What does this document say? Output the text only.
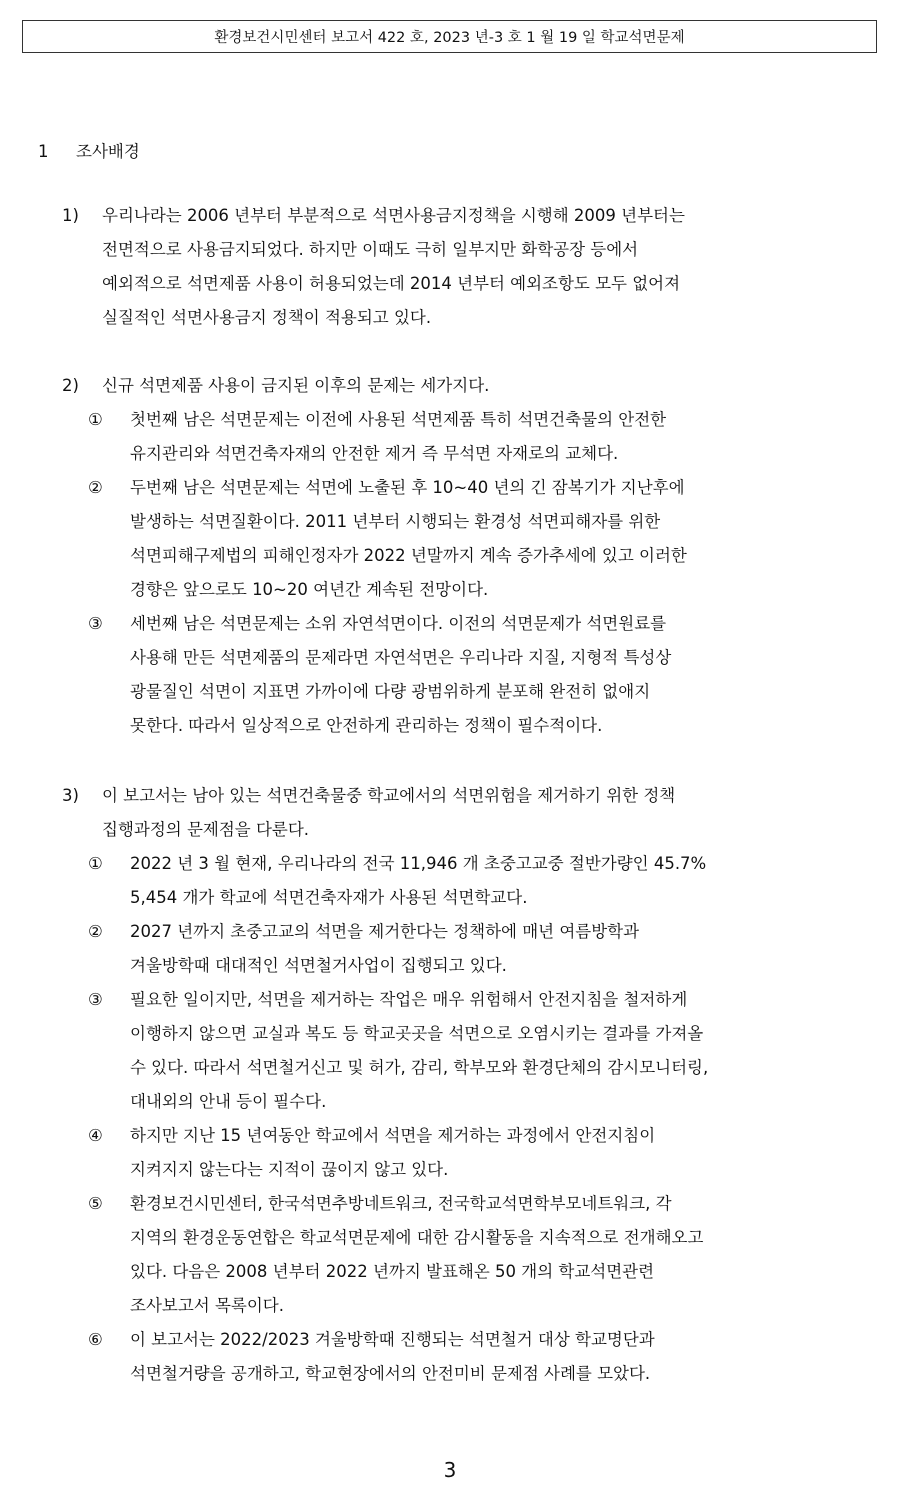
환경보건시민센터 보고서 422 호, 2023 년-3 호 1 월 19 일 학교석면문제
1 조사배경
1)	우리나라는 2006 년부터 부분적으로 석면사용금지정책을 시행해 2009 년부터는
전면적으로 사용금지되었다. 하지만 이때도 극히 일부지만 화학공장 등에서
예외적으로 석면제품 사용이 허용되었는데 2014 년부터 예외조항도 모두 없어져
실질적인 석면사용금지 정책이 적용되고 있다.
2)	신규 석면제품 사용이 금지된 이후의 문제는 세가지다.
①	첫번째 남은 석면문제는 이전에 사용된 석면제품 특히 석면건축물의 안전한
유지관리와 석면건축자재의 안전한 제거 즉 무석면 자재로의 교체다.
②	두번째 남은 석면문제는 석면에 노출된 후 10~40 년의 긴 잠복기가 지난후에
발생하는 석면질환이다. 2011 년부터 시행되는 환경성 석면피해자를 위한
석면피해구제법의 피해인정자가 2022 년말까지 계속 증가추세에 있고 이러한
경향은 앞으로도 10~20 여년간 계속된 전망이다.
③	세번째 남은 석면문제는 소위 자연석면이다. 이전의 석면문제가 석면원료를
사용해 만든 석면제품의 문제라면 자연석면은 우리나라 지질, 지형적 특성상
광물질인 석면이 지표면 가까이에 다량 광범위하게 분포해 완전히 없애지
못한다. 따라서 일상적으로 안전하게 관리하는 정책이 필수적이다.
3)	이 보고서는 남아 있는 석면건축물중 학교에서의 석면위험을 제거하기 위한 정책
집행과정의 문제점을 다룬다.
①	2022 년 3 월 현재, 우리나라의 전국 11,946 개 초중고교중 절반가량인 45.7%
5,454 개가 학교에 석면건축자재가 사용된 석면학교다.
②	2027 년까지 초중고교의 석면을 제거한다는 정책하에 매년 여름방학과
겨울방학때 대대적인 석면철거사업이 집행되고 있다.
③	필요한 일이지만, 석면을 제거하는 작업은 매우 위험해서 안전지침을 철저하게
이행하지 않으면 교실과 복도 등 학교곳곳을 석면으로 오염시키는 결과를 가져올
수 있다. 따라서 석면철거신고 및 허가, 감리, 학부모와 환경단체의 감시모니터링,
대내외의 안내 등이 필수다.
④	하지만 지난 15 년여동안 학교에서 석면을 제거하는 과정에서 안전지침이
지켜지지 않는다는 지적이 끊이지 않고 있다.
⑤	환경보건시민센터, 한국석면추방네트워크, 전국학교석면학부모네트워크, 각
지역의 환경운동연합은 학교석면문제에 대한 감시활동을 지속적으로 전개해오고
있다. 다음은 2008 년부터 2022 년까지 발표해온 50 개의 학교석면관련
조사보고서 목록이다.
⑥	이 보고서는 2022/2023 겨울방학때 진행되는 석면철거 대상 학교명단과
석면철거량을 공개하고, 학교현장에서의 안전미비 문제점 사례를 모았다.
3
